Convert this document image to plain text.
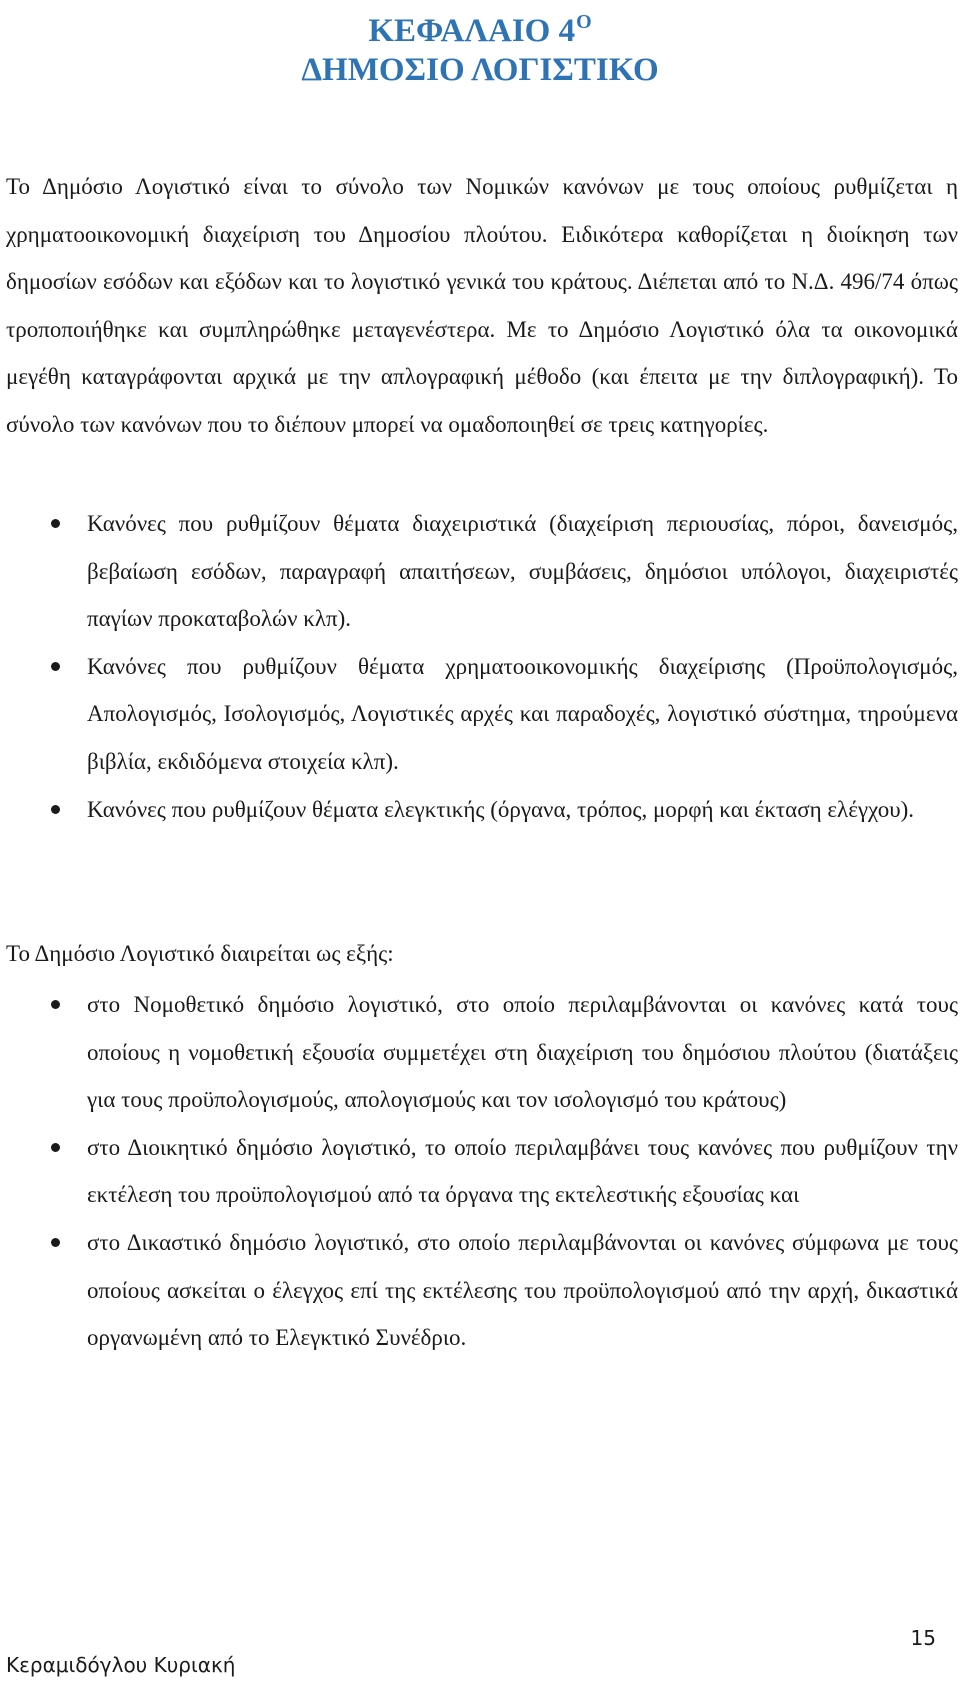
ΚΕΦΑΛΑΙΟ $4^O$
ΔΗΜΟΣΙΟ ΛΟΓΙΣΤΙΚΟ

Το Δημόσιο Λογιστικό είναι το σύνολο των Νομικών κανόνων με τους οποίους ρυθμίζεται η χρηματοοικονομική διαχείριση του Δημοσίου πλούτου. Ειδικότερα καθορίζεται η διοίκηση των δημοσίων εσόδων και εξόδων και το λογιστικό γενικά του κράτους. Διέπεται από το Ν.Δ. 496/74 όπως τροποποιήθηκε και συμπληρώθηκε μεταγενέστερα. Με το Δημόσιο Λογιστικό όλα τα οικονομικά μεγέθη καταγράφονται αρχικά με την απλογραφική μέθοδο (και έπειτα με την διπλογραφική). Το σύνολο των κανόνων που το διέπουν μπορεί να ομαδοποιηθεί σε τρεις κατηγορίες.

Κανόνες που ρυθμίζουν θέματα διαχειριστικά (διαχείριση περιουσίας, πόροι, δανεισμός, βεβαίωση εσόδων, παραγραφή απαιτήσεων, συμβάσεις, δημόσιοι υπόλογοι, διαχειριστές παγίων προκαταβολών κλπ).
Κανόνες που ρυθμίζουν θέματα χρηματοοικονομικής διαχείρισης (Προϋπολογισμός, Απολογισμός, Ισολογισμός, Λογιστικές αρχές και παραδοχές, λογιστικό σύστημα, τηρούμενα βιβλία, εκδιδόμενα στοιχεία κλπ).
Κανόνες που ρυθμίζουν θέματα ελεγκτικής (όργανα, τρόπος, μορφή και έκταση ελέγχου).

Το Δημόσιο Λογιστικό διαιρείται ως εξής:

στο Νομοθετικό δημόσιο λογιστικό, στο οποίο περιλαμβάνονται οι κανόνες κατά τους οποίους η νομοθετική εξουσία συμμετέχει στη διαχείριση του δημόσιου πλούτου (διατάξεις για τους προϋπολογισμούς, απολογισμούς και τον ισολογισμό του κράτους)
στο Διοικητικό δημόσιο λογιστικό, το οποίο περιλαμβάνει τους κανόνες που ρυθμίζουν την εκτέλεση του προϋπολογισμού από τα όργανα της εκτελεστικής εξουσίας και
στο Δικαστικό δημόσιο λογιστικό, στο οποίο περιλαμβάνονται οι κανόνες σύμφωνα με τους οποίους ασκείται ο έλεγχος επί της εκτέλεσης του προϋπολογισμού από την αρχή, δικαστικά οργανωμένη από το Ελεγκτικό Συνέδριο.
15
Κεραμιδόγλου Κυριακή
